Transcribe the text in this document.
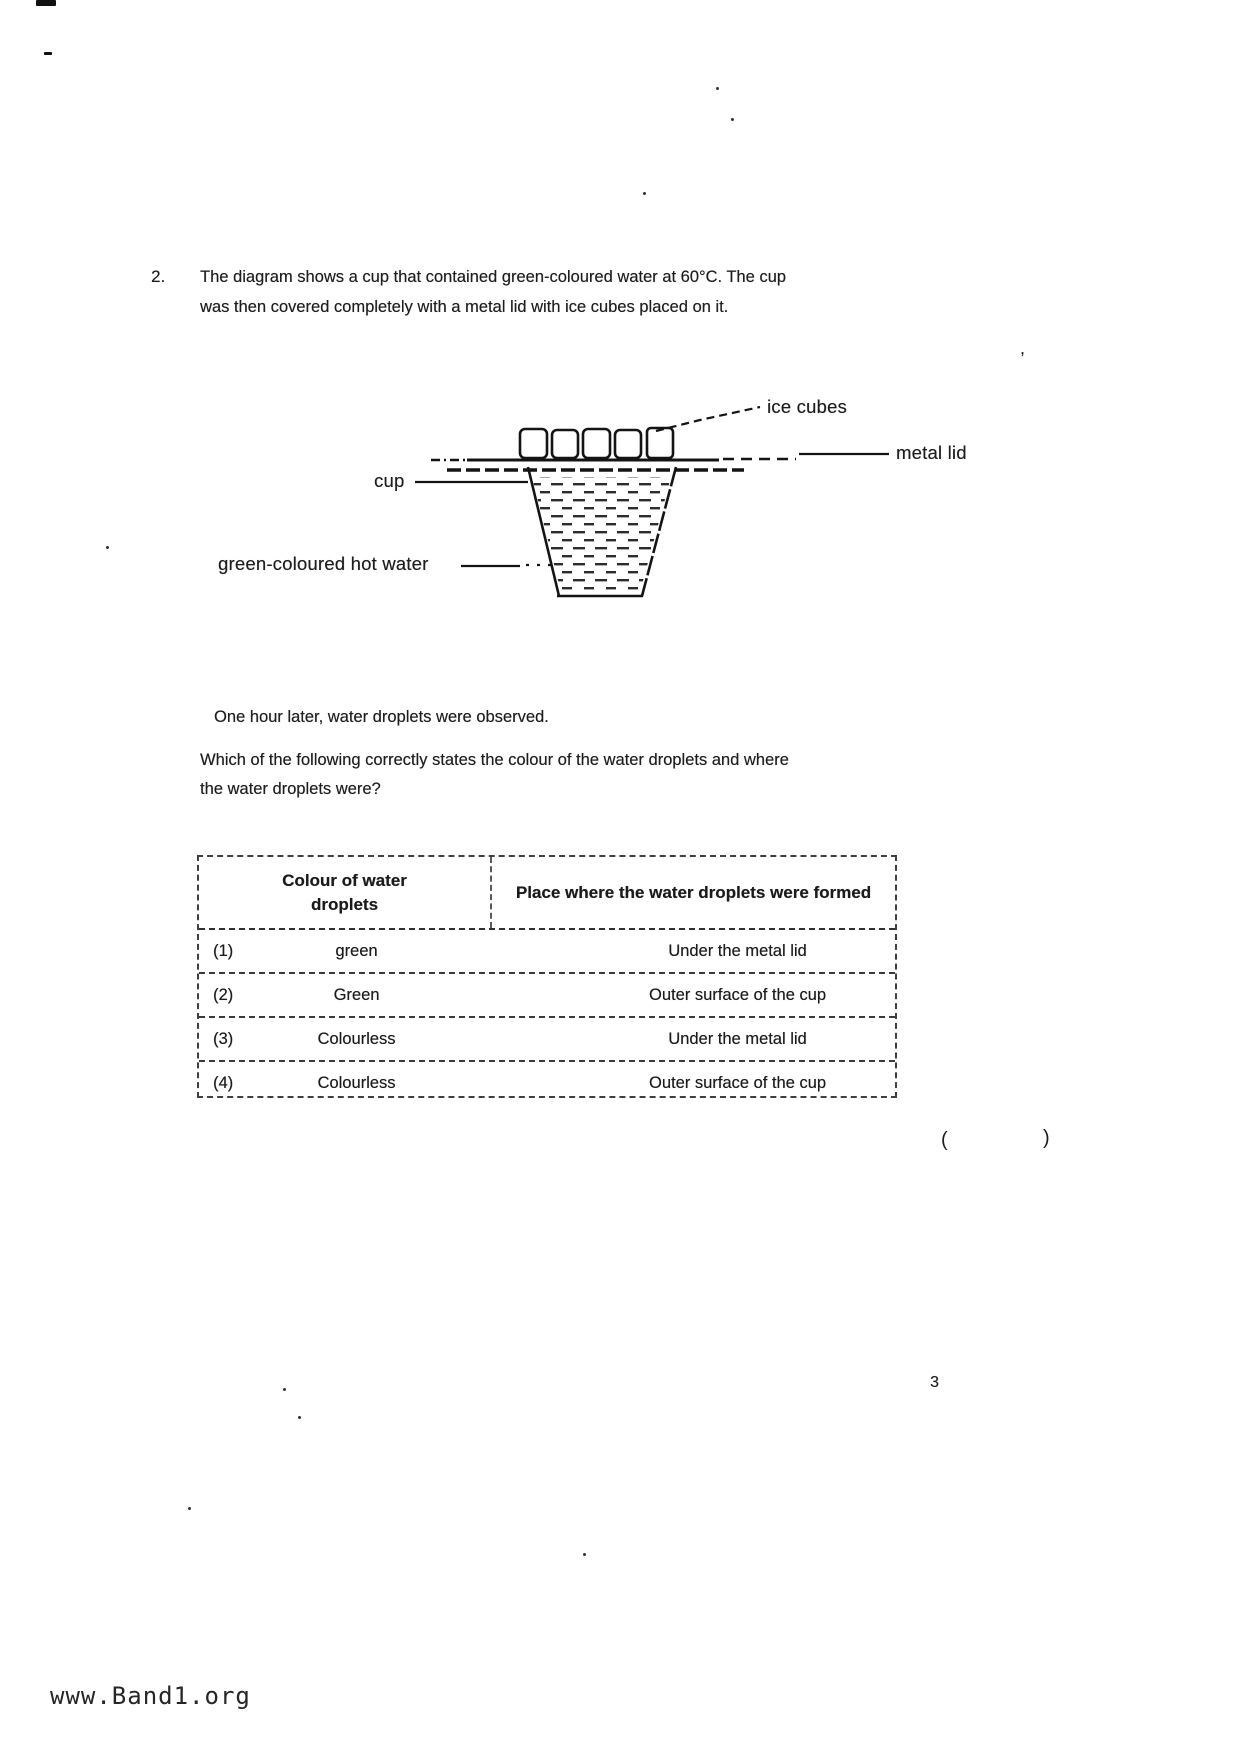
2. The diagram shows a cup that contained green-coloured water at 60°C. The cup
was then covered completely with a metal lid with ice cubes placed on it.
ice cubes
metal lid
cup
green-coloured hot water
One hour later, water droplets were observed.
Which of the following correctly states the colour of the water droplets and where
the water droplets were?
Colour of water droplets
Place where the water droplets were formed
(1)	green	Under the metal lid
(2)	Green	Outer surface of the cup
(3)	Colourless	Under the metal lid
(4)	Colourless	Outer surface of the cup
(	)
3
www.Band1.org
,
